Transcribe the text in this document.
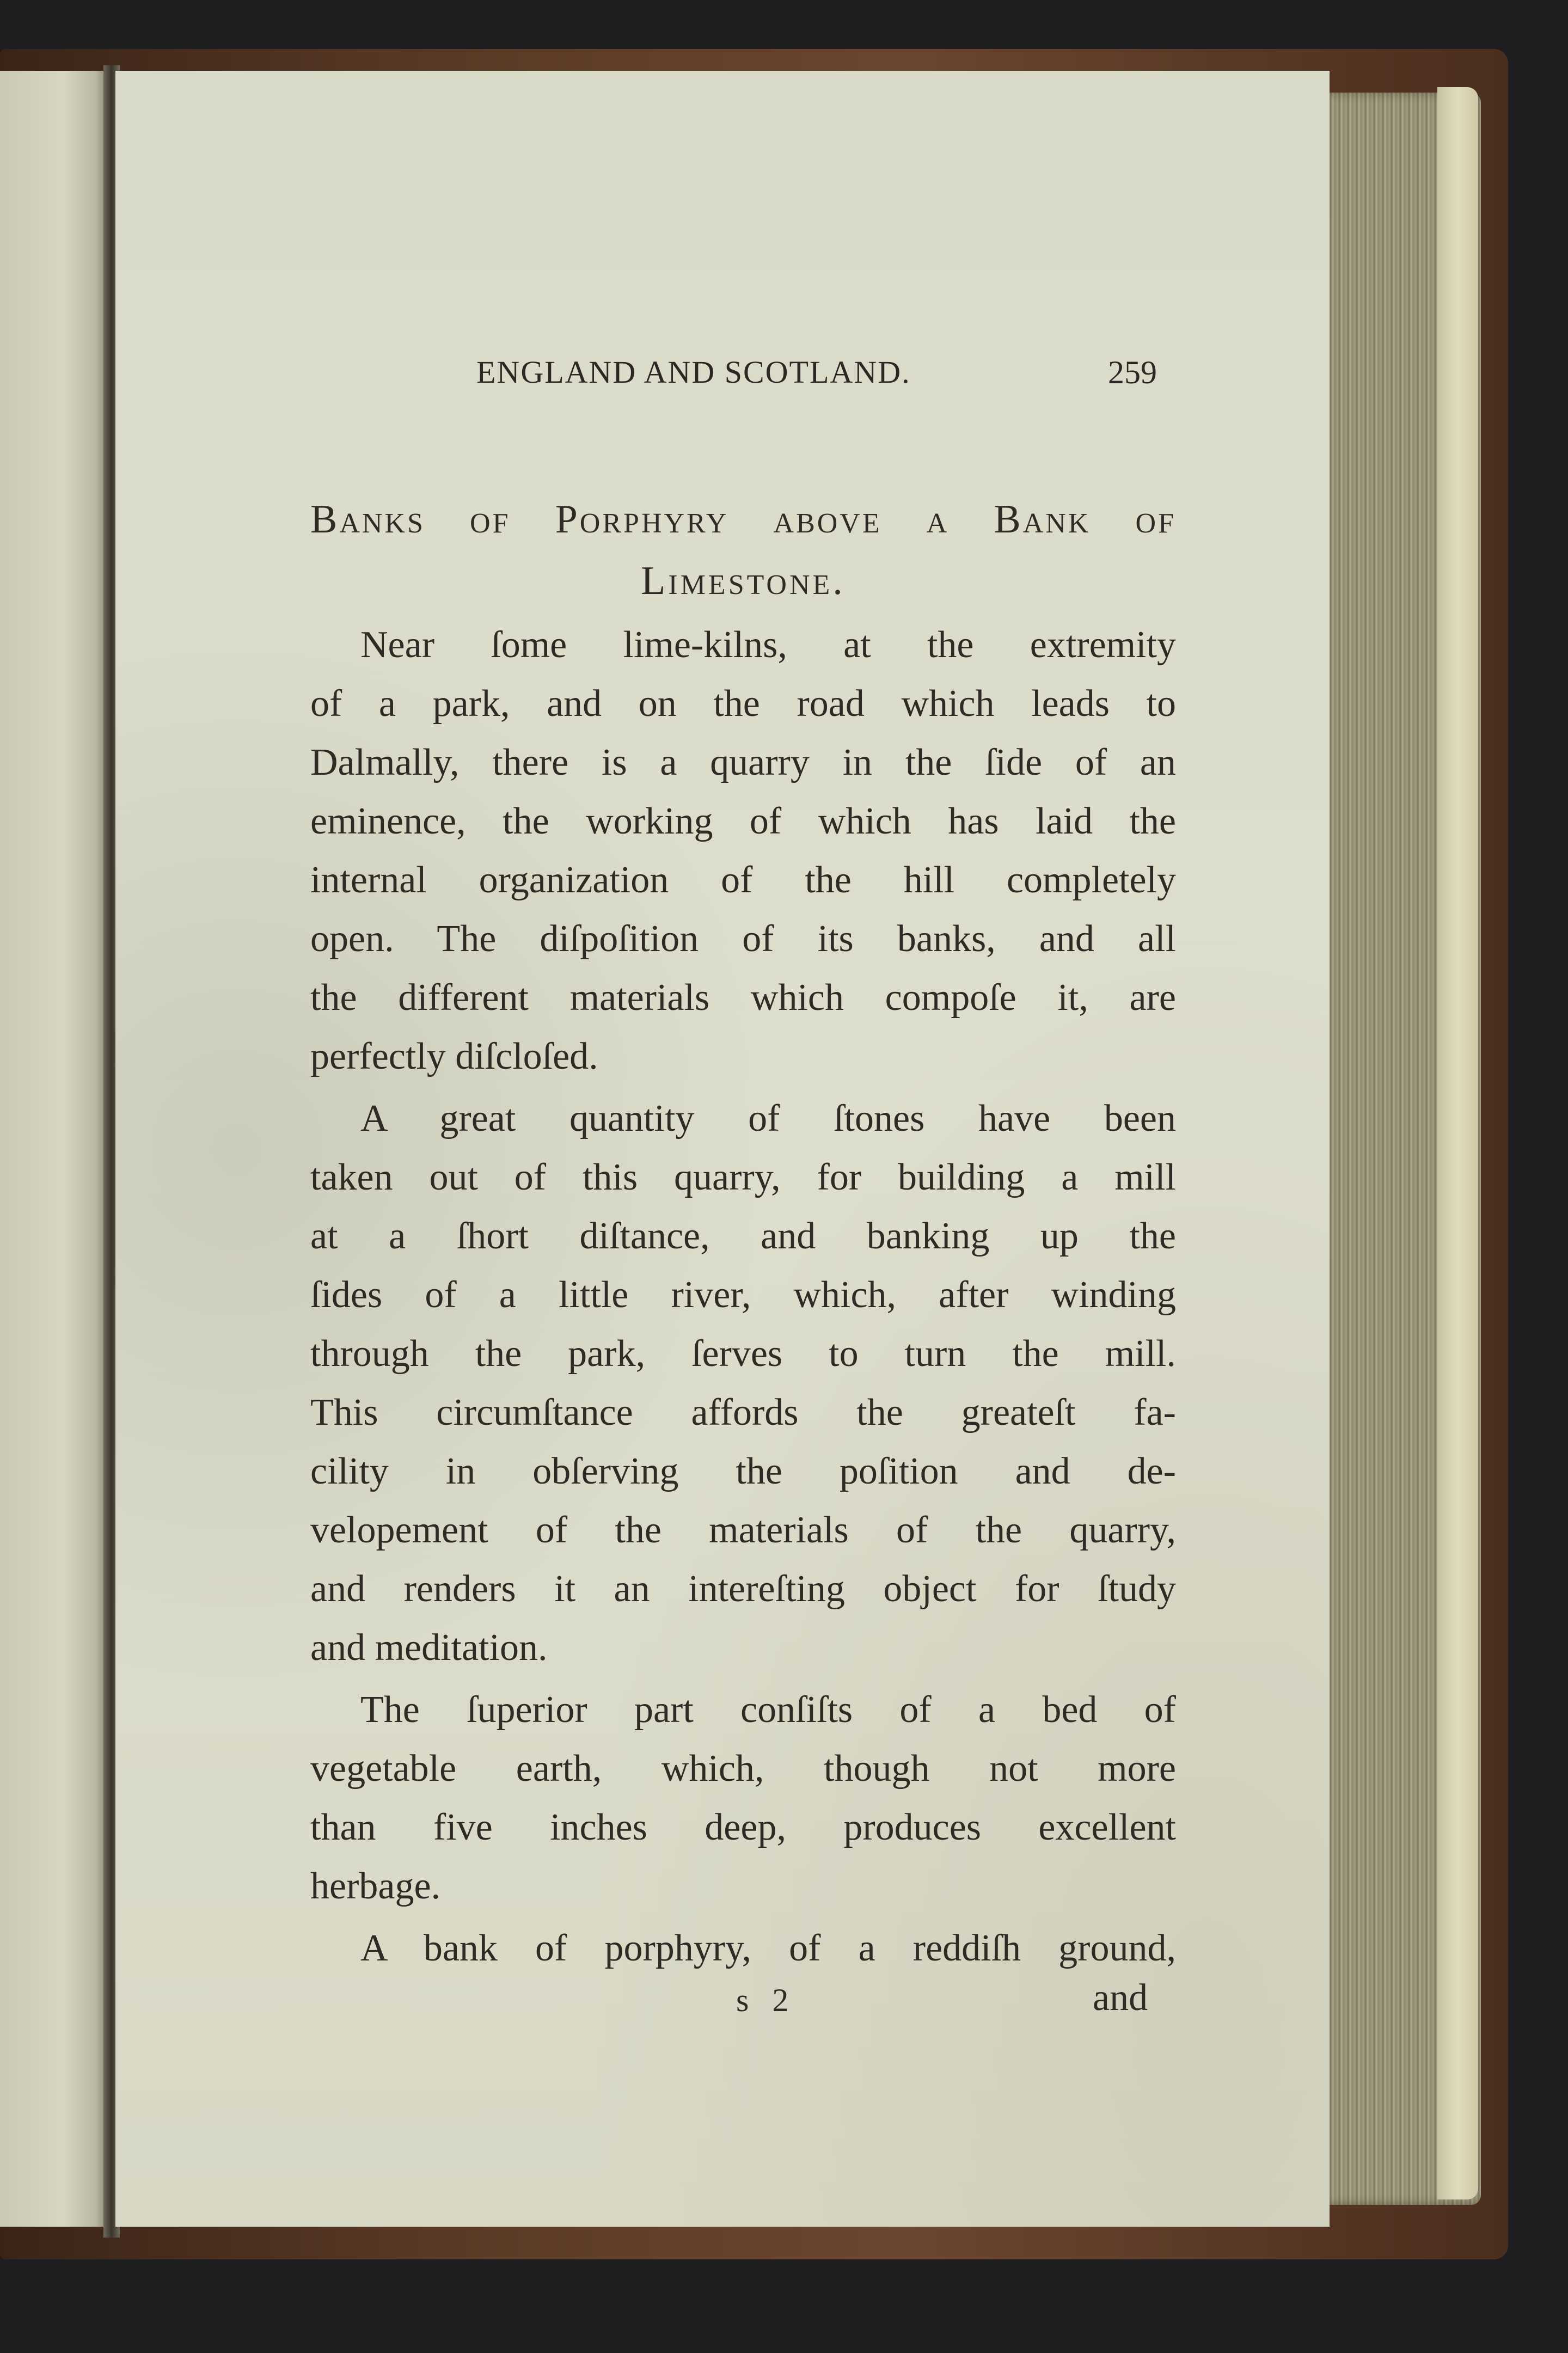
ENGLAND AND SCOTLAND.	259
Banks of Porphyry above a Bank of
Limestone.
Near ſome lime-kilns, at the extremity
of a park, and on the road which leads to
Dalmally, there is a quarry in the ſide of an
eminence, the working of which has laid the
internal organization of the hill completely
open. The diſpoſition of its banks, and all
the different materials which compoſe it, are
perfectly diſcloſed.
A great quantity of ſtones have been
taken out of this quarry, for building a mill
at a ſhort diſtance, and banking up the
ſides of a little river, which, after winding
through the park, ſerves to turn the mill.
This circumſtance affords the greateſt fa-
cility in obſerving the poſition and de-
velopement of the materials of the quarry,
and renders it an intereſting object for ſtudy
and meditation.
The ſuperior part conſiſts of a bed of
vegetable earth, which, though not more
than five inches deep, produces excellent
herbage.
A bank of porphyry, of a reddiſh ground,
s 2	and
